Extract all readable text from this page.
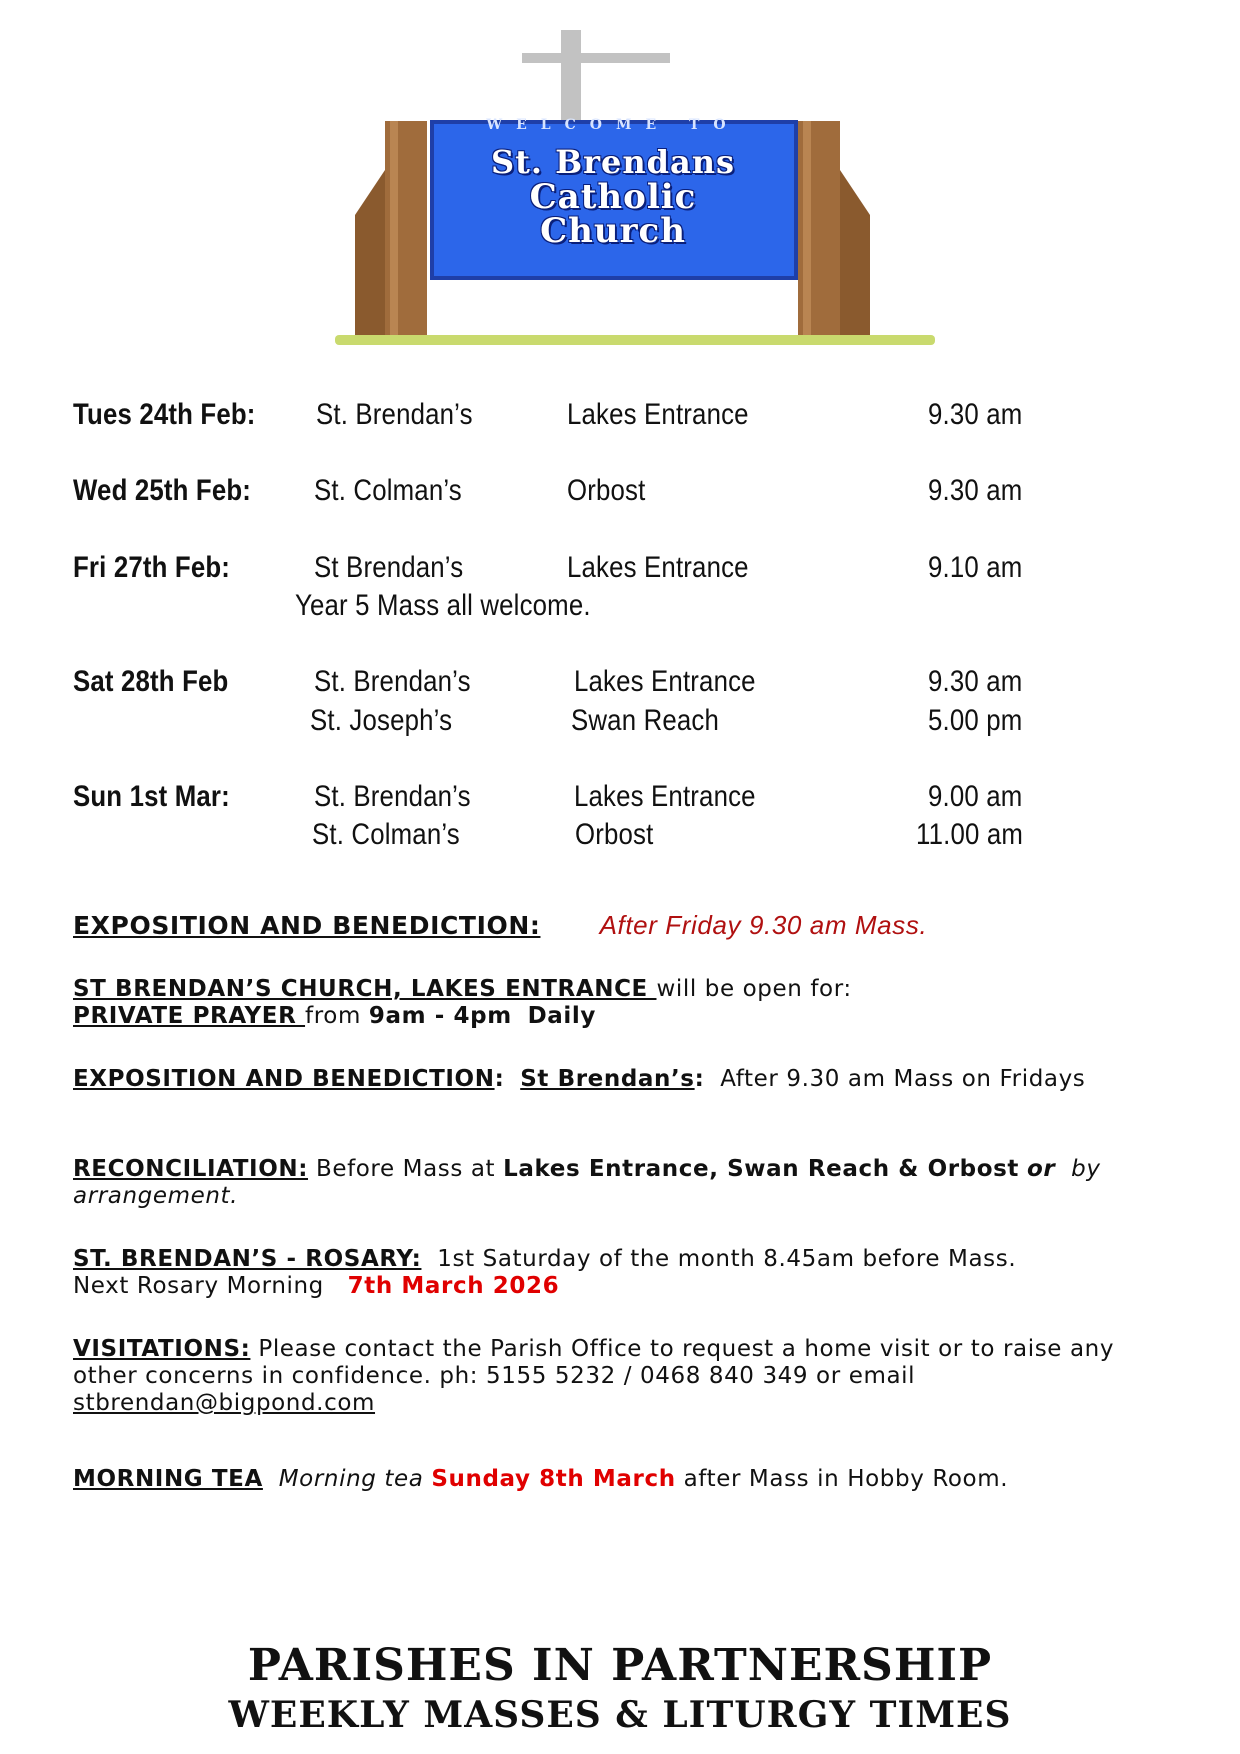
WELCOME TO
St. Brendans
Catholic
Church
Tues 24th Feb: St. Brendan’s	Lakes Entrance	9.30 am
Wed 25th Feb: St. Colman’s	Orbost	9.30 am
Fri 27th Feb:	St Brendan’s	Lakes Entrance	9.10 am
Year 5 Mass all welcome.
Sat 28th Feb	St. Brendan’s	Lakes Entrance	9.30 am
St. Joseph’s	Swan Reach	5.00 pm
Sun 1st Mar:	St. Brendan’s	Lakes Entrance	9.00 am
St. Colman’s	Orbost	11.00 am
EXPOSITION AND BENEDICTION: After Friday 9.30 am Mass.
ST BRENDAN’S CHURCH, LAKES ENTRANCE will be open for:
PRIVATE PRAYER from 9am - 4pm Daily
EXPOSITION AND BENEDICTION: St Brendan’s: After 9.30 am Mass on Fridays
RECONCILIATION: Before Mass at Lakes Entrance, Swan Reach & Orbost or by arrangement.
ST. BRENDAN’S - ROSARY: 1st Saturday of the month 8.45am before Mass.
Next Rosary Morning 7th March 2026
VISITATIONS: Please contact the Parish Office to request a home visit or to raise any other concerns in confidence. ph: 5155 5232 / 0468 840 349 or email stbrendan@bigpond.com
MORNING TEA Morning tea Sunday 8th March after Mass in Hobby Room.
PARISHES IN PARTNERSHIP
WEEKLY MASSES & LITURGY TIMES
